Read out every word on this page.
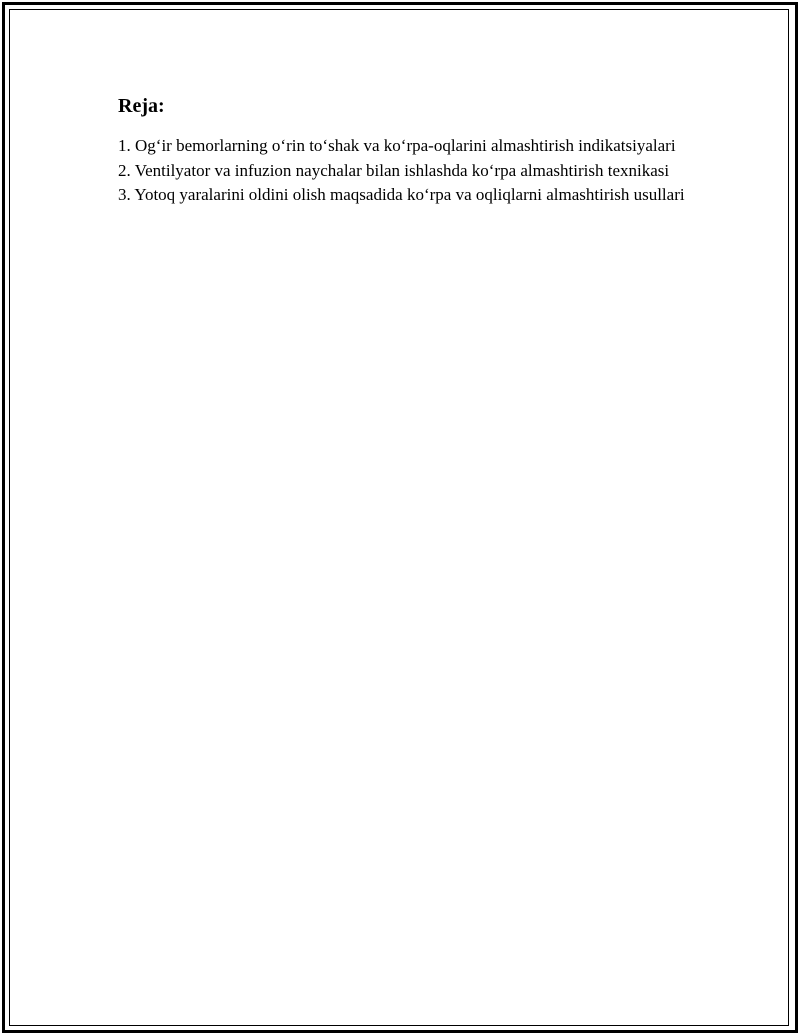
Reja:
1. Og‘ir bemorlarning o‘rin to‘shak va ko‘rpa-oqlarini almashtirish indikatsiyalari
2. Ventilyator va infuzion naychalar bilan ishlashda ko‘rpa almashtirish texnikasi
3. Yotoq yaralarini oldini olish maqsadida ko‘rpa va oqliqlarni almashtirish usullari
